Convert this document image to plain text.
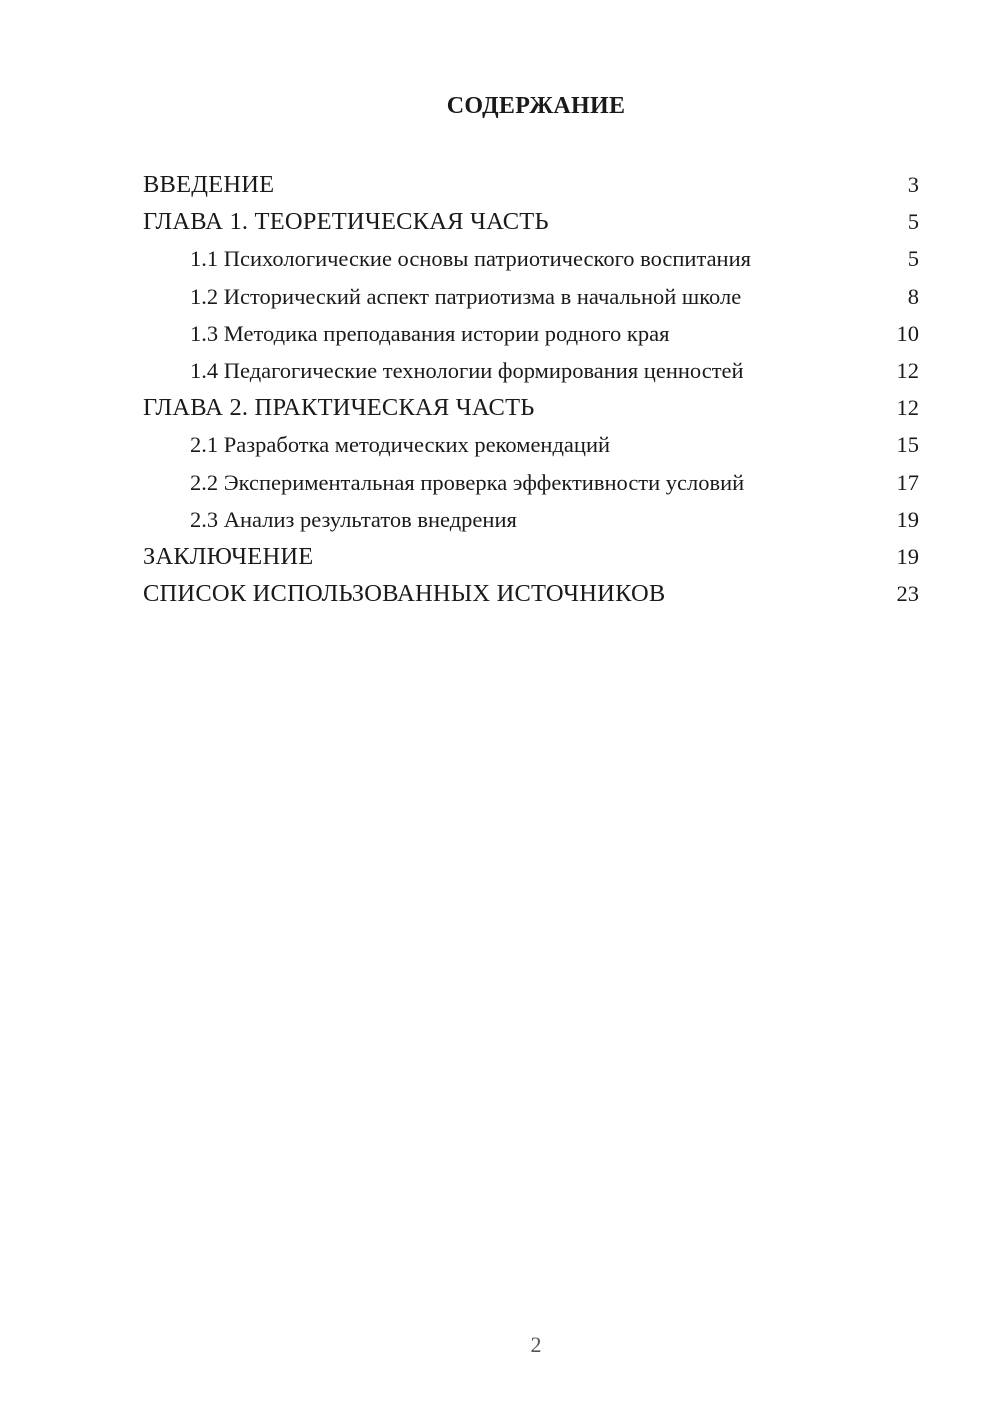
СОДЕРЖАНИЕ
ВВЕДЕНИЕ	3
ГЛАВА 1. ТЕОРЕТИЧЕСКАЯ ЧАСТЬ	5
1.1 Психологические основы патриотического воспитания	5
1.2 Исторический аспект патриотизма в начальной школе	8
1.3 Методика преподавания истории родного края	10
1.4 Педагогические технологии формирования ценностей	12
ГЛАВА 2. ПРАКТИЧЕСКАЯ ЧАСТЬ	12
2.1 Разработка методических рекомендаций	15
2.2 Экспериментальная проверка эффективности условий	17
2.3 Анализ результатов внедрения	19
ЗАКЛЮЧЕНИЕ	19
СПИСОК ИСПОЛЬЗОВАННЫХ ИСТОЧНИКОВ	23
2
